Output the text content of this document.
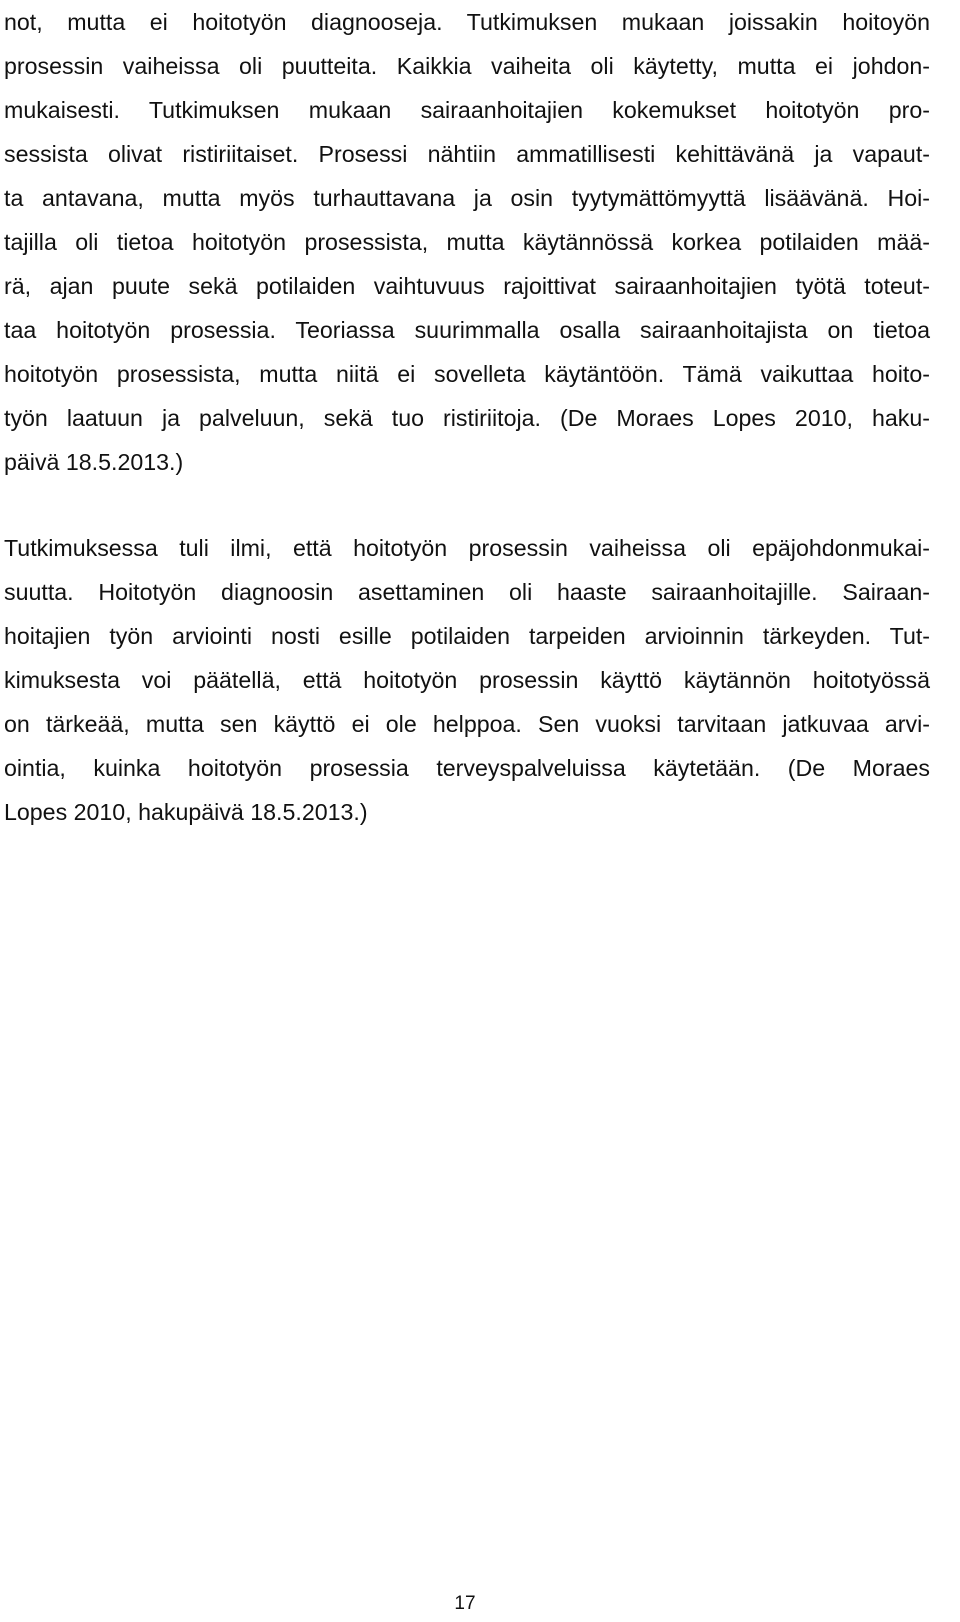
not, mutta ei hoitotyön diagnooseja. Tutkimuksen mukaan joissakin hoitoyön
prosessin vaiheissa oli puutteita. Kaikkia vaiheita oli käytetty, mutta ei johdon-
mukaisesti. Tutkimuksen mukaan sairaanhoitajien kokemukset hoitotyön pro-
sessista olivat ristiriitaiset. Prosessi nähtiin ammatillisesti kehittävänä ja vapaut-
ta antavana, mutta myös turhauttavana ja osin tyytymättömyyttä lisäävänä. Hoi-
tajilla oli tietoa hoitotyön prosessista, mutta käytännössä korkea potilaiden mää-
rä, ajan puute sekä potilaiden vaihtuvuus rajoittivat sairaanhoitajien työtä toteut-
taa hoitotyön prosessia. Teoriassa suurimmalla osalla sairaanhoitajista on tietoa
hoitotyön prosessista, mutta niitä ei sovelleta käytäntöön. Tämä vaikuttaa hoito-
työn laatuun ja palveluun, sekä tuo ristiriitoja. (De Moraes Lopes 2010, haku-
päivä 18.5.2013.)
Tutkimuksessa tuli ilmi, että hoitotyön prosessin vaiheissa oli epäjohdonmukai-
suutta. Hoitotyön diagnoosin asettaminen oli haaste sairaanhoitajille. Sairaan-
hoitajien työn arviointi nosti esille potilaiden tarpeiden arvioinnin tärkeyden. Tut-
kimuksesta voi päätellä, että hoitotyön prosessin käyttö käytännön hoitotyössä
on tärkeää, mutta sen käyttö ei ole helppoa. Sen vuoksi tarvitaan jatkuvaa arvi-
ointia, kuinka hoitotyön prosessia terveyspalveluissa käytetään. (De Moraes
Lopes 2010, hakupäivä 18.5.2013.)
17
